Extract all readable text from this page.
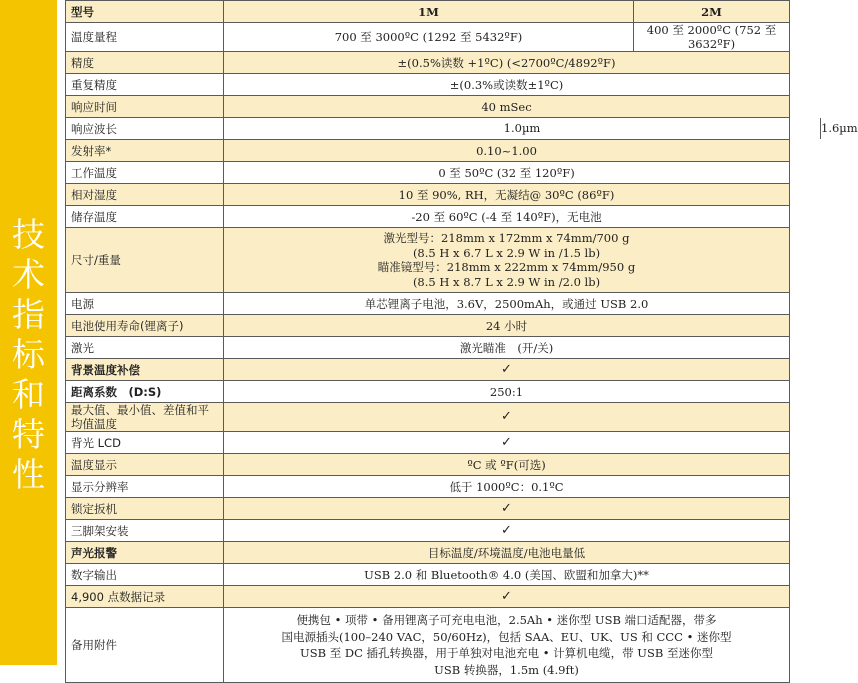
技
术
指
标
和
特
性
型号	1M	2M
温度量程	700 至 3000ºC (1292 至 5432ºF)	400 至 2000ºC (752 至 3632ºF)
精度	±(0.5%读数 +1ºC) (<2700ºC/4892ºF)	
重复精度	±(0.3%或读数±1ºC)	
响应时间	40 mSec	
响应波长	1.0µm 1.6µm	

发射率*	0.10~1.00	
工作温度	0 至 50ºC (32 至 120ºF)	
相对湿度	10 至 90%, RH，无凝结@ 30ºC (86ºF)	
储存温度	-20 至 60ºC (-4 至 140ºF)，无电池	
尺寸/重量	激光型号：218mm x 172mm x 74mm/700 g
(8.5 H x 6.7 L x 2.9 W in /1.5 lb)
瞄准镜型号：218mm x 222mm x 74mm/950 g
(8.5 H x 8.7 L x 2.9 W in /2.0 lb)	

电源	单芯锂离子电池，3.6V，2500mAh，或通过 USB 2.0	
电池使用寿命(锂离子)	24 小时	
激光	激光瞄准　(开/关)	
背景温度补偿	✓	
距离系数　(D:S)	250:1	
最大值、最小值、差值和平均值温度	✓	
背光 LCD	✓	
温度显示	ºC 或 ºF(可选)	
显示分辨率	低于 1000ºC：0.1ºC	
锁定扳机	✓	
三脚架安装	✓	
声光报警	目标温度/环境温度/电池电量低	
数字输出	USB 2.0 和 Bluetooth® 4.0 (美国、欧盟和加拿大)**	
4,900 点数据记录	✓	
备用附件	便携包 • 项带 • 备用锂离子可充电电池，2.5Ah • 迷你型 USB 端口适配器，带多
国电源插头(100–240 VAC，50/60Hz)，包括 SAA、EU、UK、US 和 CCC • 迷你型
USB 至 DC 插孔转换器，用于单独对电池充电 • 计算机电缆，带 USB 至迷你型
USB 转换器，1.5m (4.9ft)	
